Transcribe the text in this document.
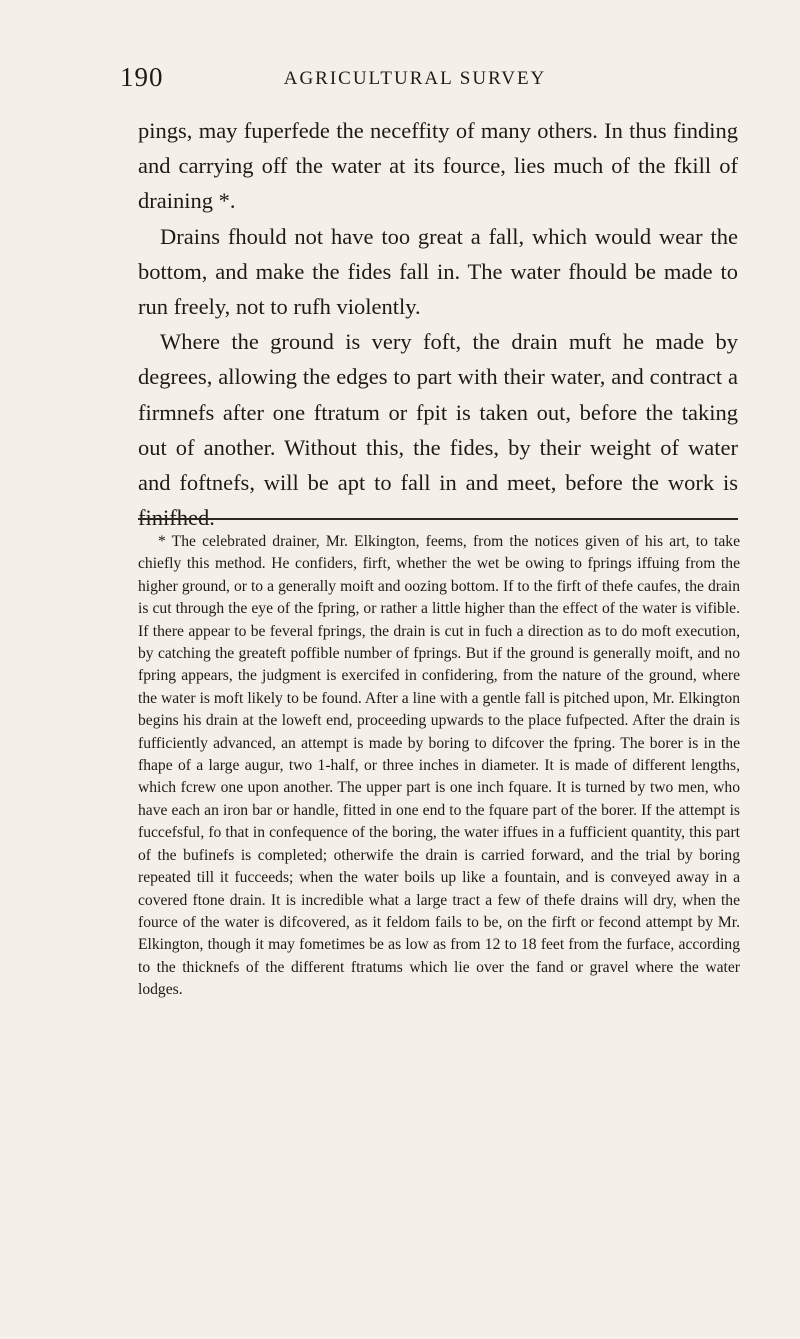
190	AGRICULTURAL SURVEY

pings, may fuperfede the neceffity of many others. In thus finding and carrying off the water at its fource, lies much of the fkill of draining *.

Drains fhould not have too great a fall, which would wear the bottom, and make the fides fall in. The water fhould be made to run freely, not to rufh violently.

Where the ground is very foft, the drain muft he made by degrees, allowing the edges to part with their water, and contract a firmnefs after one ftratum or fpit is taken out, before the taking out of another. Without this, the fides, by their weight of water and foftnefs, will be apt to fall in and meet, before the work is finifhed.

* The celebrated drainer, Mr. Elkington, feems, from the notices given of his art, to take chiefly this method. He confiders, firft, whether the wet be owing to fprings iffuing from the higher ground, or to a generally moift and oozing bottom. If to the firft of thefe caufes, the drain is cut through the eye of the fpring, or rather a little higher than the effect of the water is vifible. If there appear to be feveral fprings, the drain is cut in fuch a direction as to do moft execution, by catching the greateft poffible number of fprings. But if the ground is generally moift, and no fpring appears, the judgment is exercifed in confidering, from the nature of the ground, where the water is moft likely to be found. After a line with a gentle fall is pitched upon, Mr. Elkington begins his drain at the loweft end, proceeding upwards to the place fufpected. After the drain is fufficiently advanced, an attempt is made by boring to difcover the fpring. The borer is in the fhape of a large augur, two 1-half, or three inches in diameter. It is made of different lengths, which fcrew one upon another. The upper part is one inch fquare. It is turned by two men, who have each an iron bar or handle, fitted in one end to the fquare part of the borer. If the attempt is fuccefsful, fo that in confequence of the boring, the water iffues in a fufficient quantity, this part of the bufinefs is completed; otherwife the drain is carried forward, and the trial by boring repeated till it fucceeds; when the water boils up like a fountain, and is conveyed away in a covered ftone drain. It is incredible what a large tract a few of thefe drains will dry, when the fource of the water is difcovered, as it feldom fails to be, on the firft or fecond attempt by Mr. Elkington, though it may fometimes be as low as from 12 to 18 feet from the furface, according to the thicknefs of the different ftratums which lie over the fand or gravel where the water lodges.
